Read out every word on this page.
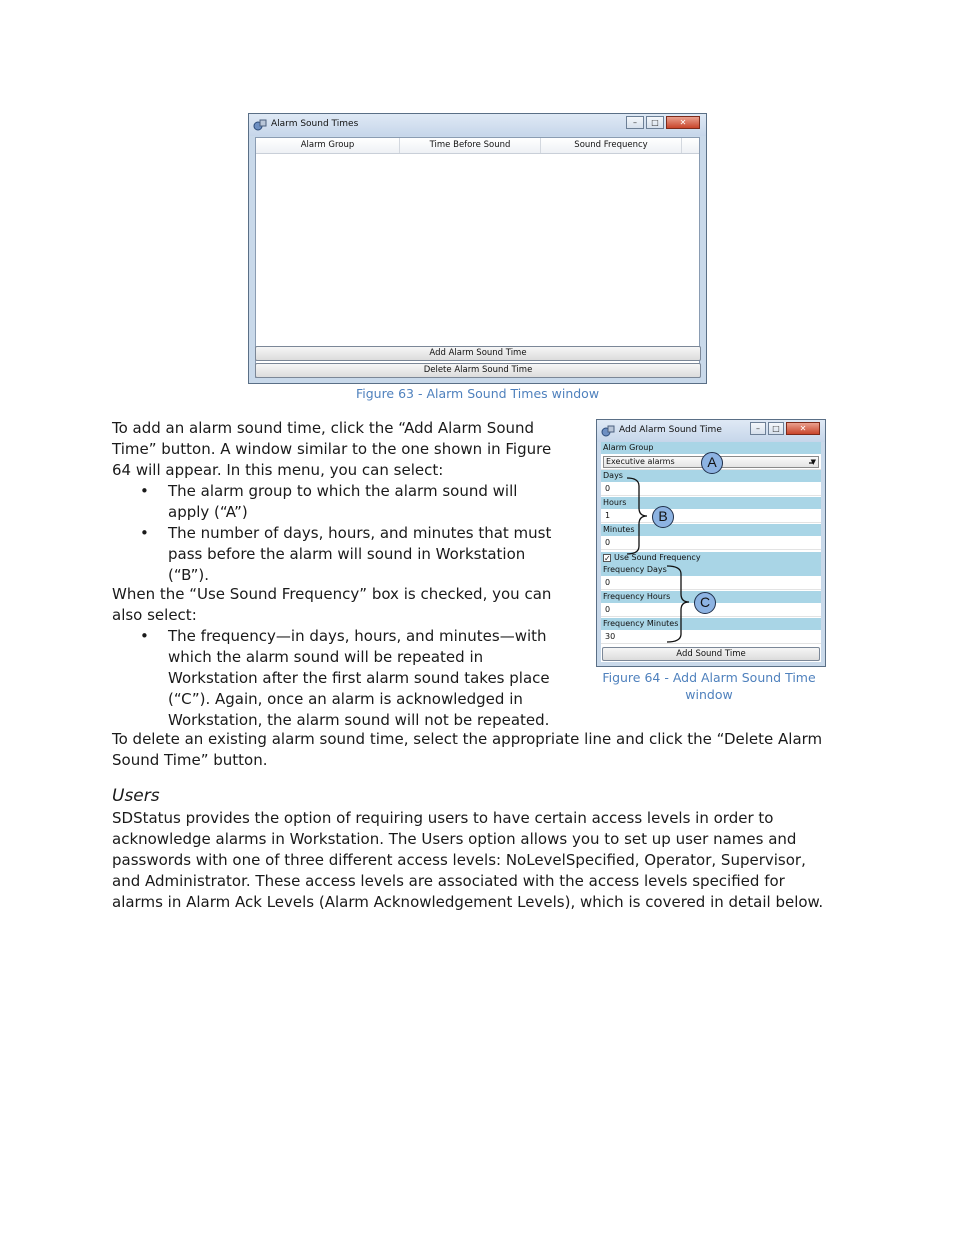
Alarm Sound Times	–	□	✕
Alarm Group	Time Before Sound	Sound Frequency
Add Alarm Sound Time
Delete Alarm Sound Time
Figure 63 - Alarm Sound Times window
To add an alarm sound time, click the “Add Alarm Sound
Time” button. A window similar to the one shown in Figure
64 will appear. In this menu, you can select:
• The alarm group to which the alarm sound will
apply (“A”)
• The number of days, hours, and minutes that must
pass before the alarm will sound in Workstation
(“B”).
When the “Use Sound Frequency” box is checked, you can
also select:
• The frequency—in days, hours, and minutes—with
which the alarm sound will be repeated in
Workstation after the first alarm sound takes place
(“C”). Again, once an alarm is acknowledged in
Workstation, the alarm sound will not be repeated.
To delete an existing alarm sound time, select the appropriate line and click the “Delete Alarm
Sound Time” button.
Add Alarm Sound Time	–	□	✕
Alarm Group
Executive alarms	▼
Days
0
Hours
1
Minutes
0
Use Sound Frequency
✓
Frequency Days
0
Frequency Hours
0
Frequency Minutes
30
Add Sound Time
A
B
C
Figure 64 - Add Alarm Sound Time
window
Users
SDStatus provides the option of requiring users to have certain access levels in order to
acknowledge alarms in Workstation. The Users option allows you to set up user names and
passwords with one of three different access levels: NoLevelSpecified, Operator, Supervisor,
and Administrator. These access levels are associated with the access levels specified for
alarms in Alarm Ack Levels (Alarm Acknowledgement Levels), which is covered in detail below.
